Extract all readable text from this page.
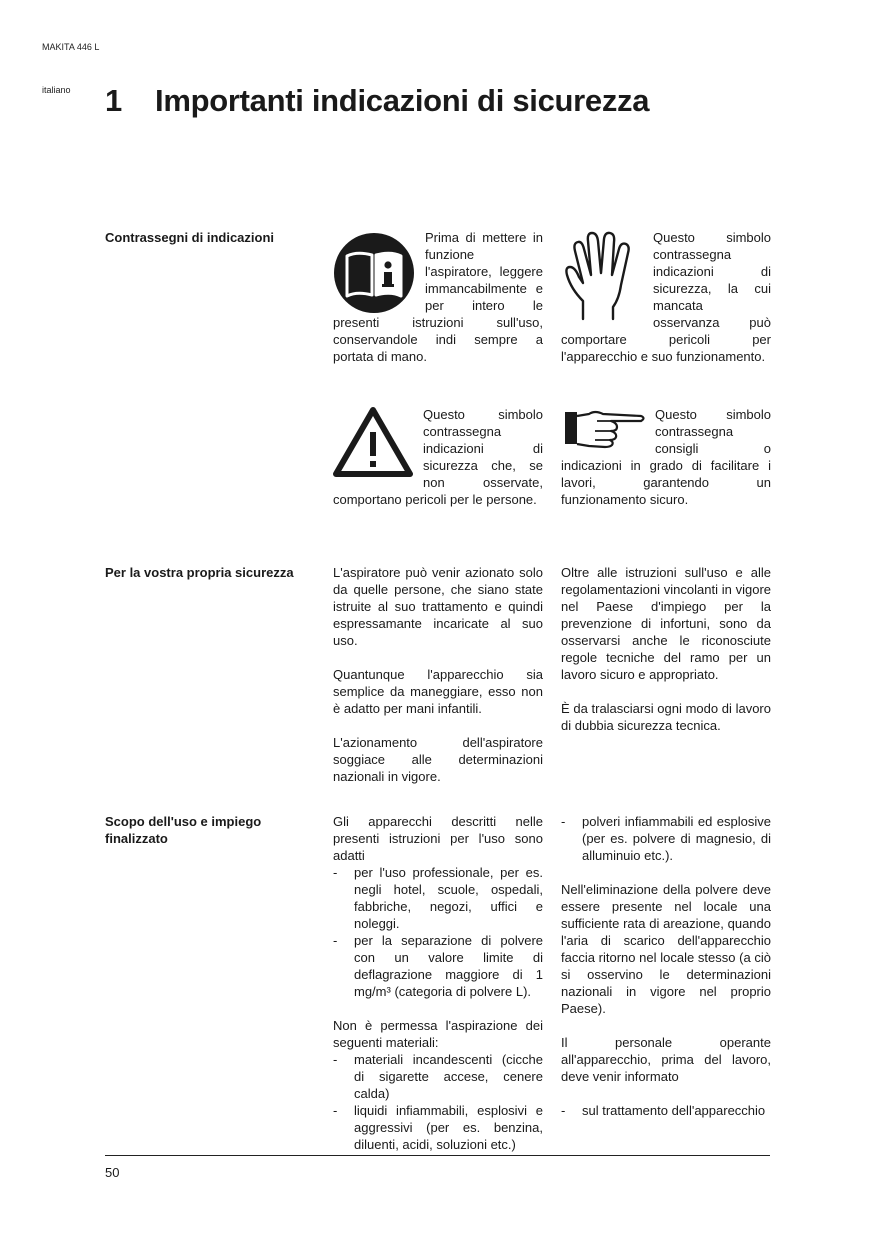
MAKITA 446 L
italiano 1 Importanti indicazioni di sicurezza
Contrassegni di indicazioni	Prima di mettere in funzione l'aspiratore, leggere immancabilmente e per intero le presenti istruzioni sull'uso, conservandole indi sempre a portata di mano.
Questo simbolo contrassegna indicazioni di sicurezza, la cui mancata osservanza può comportare pericoli per l'apparecchio e suo funzionamento.
Questo simbolo contrassegna indicazioni di sicurezza che, se non osservate, comportano pericoli per le persone.
Questo simbolo contrassegna consigli o indicazioni in grado di facilitare i lavori, garantendo un funzionamento sicuro.
Per la vostra propria sicurezza	L'aspiratore può venir azionato solo da quelle persone, che siano state istruite al suo trattamento e quindi espressamante incaricate al suo uso.

Quantunque l'apparecchio sia semplice da maneggiare, esso non è adatto per mani infantili.

L'azionamento dell'aspiratore soggiace alle determinazioni nazionali in vigore.

Oltre alle istruzioni sull'uso e alle regolamentazioni vincolanti in vigore nel Paese d'impiego per la prevenzione di infortuni, sono da osservarsi anche le riconosciute regole tecniche del ramo per un lavoro sicuro e appropriato.

È da tralasciarsi ogni modo di lavoro di dubbia sicurezza tecnica.

Scopo dell'uso e impiego finalizzato

Gli apparecchi descritti nelle presenti istruzioni per l'uso sono adatti

- per l'uso professionale, per es. negli hotel, scuole, ospedali, fabbriche, negozi, uffici e noleggi.
- per la separazione di polvere con un valore limite di deflagrazione maggiore di 1 mg/m³ (categoria di polvere L).

Non è permessa l'aspirazione dei seguenti materiali:

- materiali incandescenti (cicche di sigarette accese, cenere calda)
- liquidi infiammabili, esplosivi e aggressivi (per es. benzina, diluenti, acidi, soluzioni etc.)
- polveri infiammabili ed esplosive (per es. polvere di magnesio, di alluminuio etc.).

Nell'eliminazione della polvere deve essere presente nel locale una sufficiente rata di areazione, quando l'aria di scarico dell'apparecchio faccia ritorno nel locale stesso (a ciò si osservino le determinazioni nazionali in vigore nel proprio Paese).

Il personale operante all'apparecchio, prima del lavoro, deve venir informato

- sul trattamento dell'apparecchio
50
